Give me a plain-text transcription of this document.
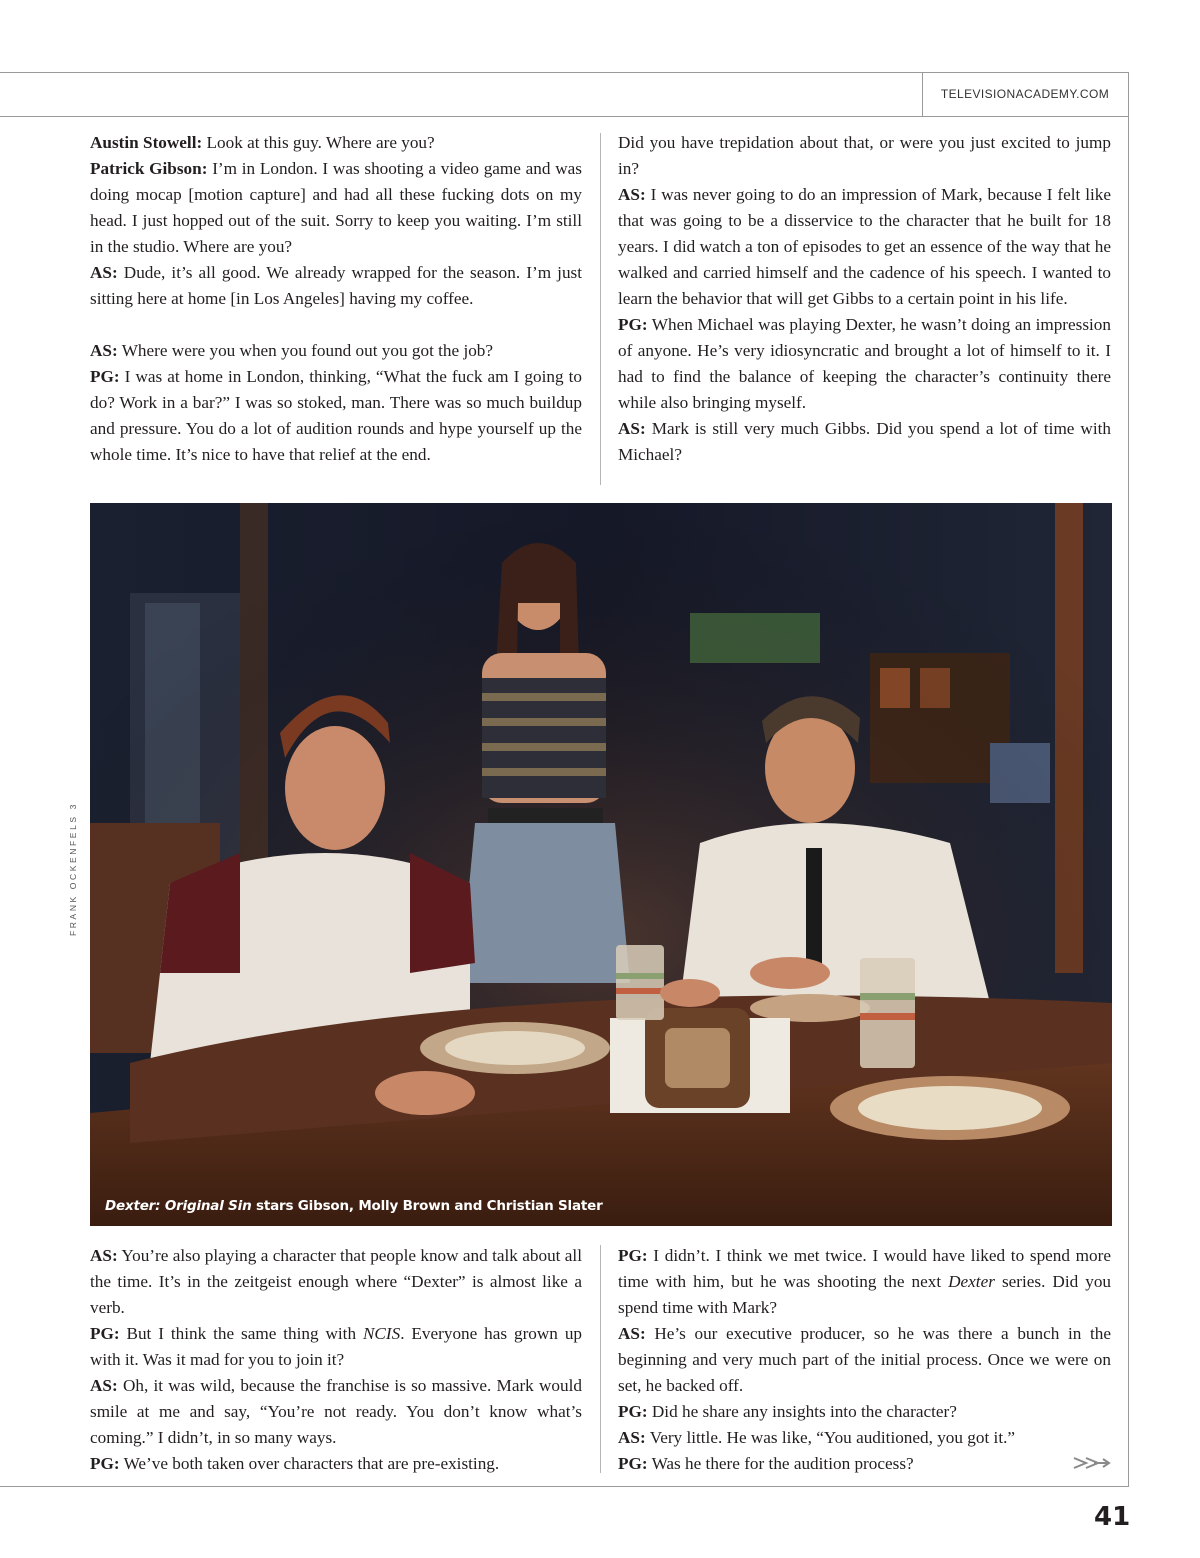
TELEVISIONACADEMY.COM

Austin Stowell: Look at this guy. Where are you?

Patrick Gibson: I’m in London. I was shooting a video game and was doing mocap [motion capture] and had all these fucking dots on my head. I just hopped out of the suit. Sorry to keep you waiting. I’m still in the studio. Where are you?

AS: Dude, it’s all good. We already wrapped for the season. I’m just sitting here at home [in Los Angeles] having my coffee.

AS: Where were you when you found out you got the job?

PG: I was at home in London, thinking, “What the fuck am I going to do? Work in a bar?” I was so stoked, man. There was so much buildup and pressure. You do a lot of audition rounds and hype yourself up the whole time. It’s nice to have that relief at the end.

Did you have trepidation about that, or were you just excited to jump in?

AS: I was never going to do an impression of Mark, because I felt like that was going to be a disservice to the character that he built for 18 years. I did watch a ton of episodes to get an essence of the way that he walked and carried himself and the cadence of his speech. I wanted to learn the behavior that will get Gibbs to a certain point in his life.

PG: When Michael was playing Dexter, he wasn’t doing an impression of anyone. He’s very idiosyncratic and brought a lot of himself to it. I had to find the balance of keeping the character’s continuity there while also bringing myself.

AS: Mark is still very much Gibbs. Did you spend a lot of time with Michael?

Dexter: Original Sin stars Gibson, Molly Brown and Christian Slater
FRANK OCKENFELS 3

AS: You’re also playing a character that people know and talk about all the time. It’s in the zeitgeist enough where “Dexter” is almost like a verb.

PG: But I think the same thing with NCIS. Everyone has grown up with it. Was it mad for you to join it?

AS: Oh, it was wild, because the franchise is so massive. Mark would smile at me and say, “You’re not ready. You don’t know what’s coming.” I didn’t, in so many ways.

PG: We’ve both taken over characters that are pre-existing.

PG: I didn’t. I think we met twice. I would have liked to spend more time with him, but he was shooting the next Dexter series. Did you spend time with Mark?

AS: He’s our executive producer, so he was there a bunch in the beginning and very much part of the initial process. Once we were on set, he backed off.

PG: Did he share any insights into the character?

AS: Very little. He was like, “You auditioned, you got it.”

PG: Was he there for the audition process?

41
